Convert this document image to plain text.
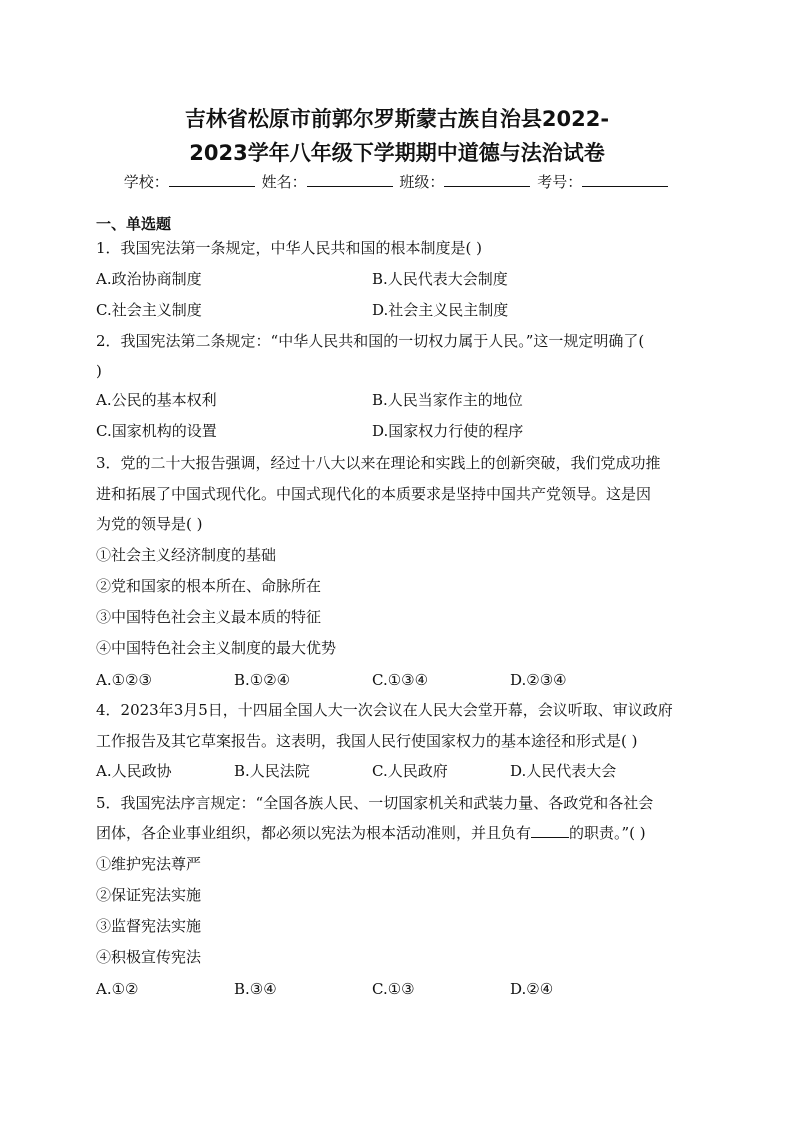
吉林省松原市前郭尔罗斯蒙古族自治县2022-
2023学年八年级下学期期中道德与法治试卷
学校：	姓名：	班级：	考号：
一、单选题
1．我国宪法第一条规定，中华人民共和国的根本制度是( )
A.政治协商制度	B.人民代表大会制度
C.社会主义制度	D.社会主义民主制度
2．我国宪法第二条规定：“中华人民共和国的一切权力属于人民。”这一规定明确了(
)
A.公民的基本权利	B.人民当家作主的地位
C.国家机构的设置	D.国家权力行使的程序
3．党的二十大报告强调，经过十八大以来在理论和实践上的创新突破，我们党成功推
进和拓展了中国式现代化。中国式现代化的本质要求是坚持中国共产党领导。这是因
为党的领导是( )
①社会主义经济制度的基础
②党和国家的根本所在、命脉所在
③中国特色社会主义最本质的特征
④中国特色社会主义制度的最大优势
A.①②③	B.①②④	C.①③④	D.②③④
4．2023年3月5日，十四届全国人大一次会议在人民大会堂开幕，会议听取、审议政府
工作报告及其它草案报告。这表明，我国人民行使国家权力的基本途径和形式是( )
A.人民政协	B.人民法院	C.人民政府	D.人民代表大会
5．我国宪法序言规定：“全国各族人民、一切国家机关和武装力量、各政党和各社会
团体，各企业事业组织，都必须以宪法为根本活动准则，并且负有	的职责。”( )
①维护宪法尊严
②保证宪法实施
③监督宪法实施
④积极宣传宪法
A.①②	B.③④	C.①③	D.②④
